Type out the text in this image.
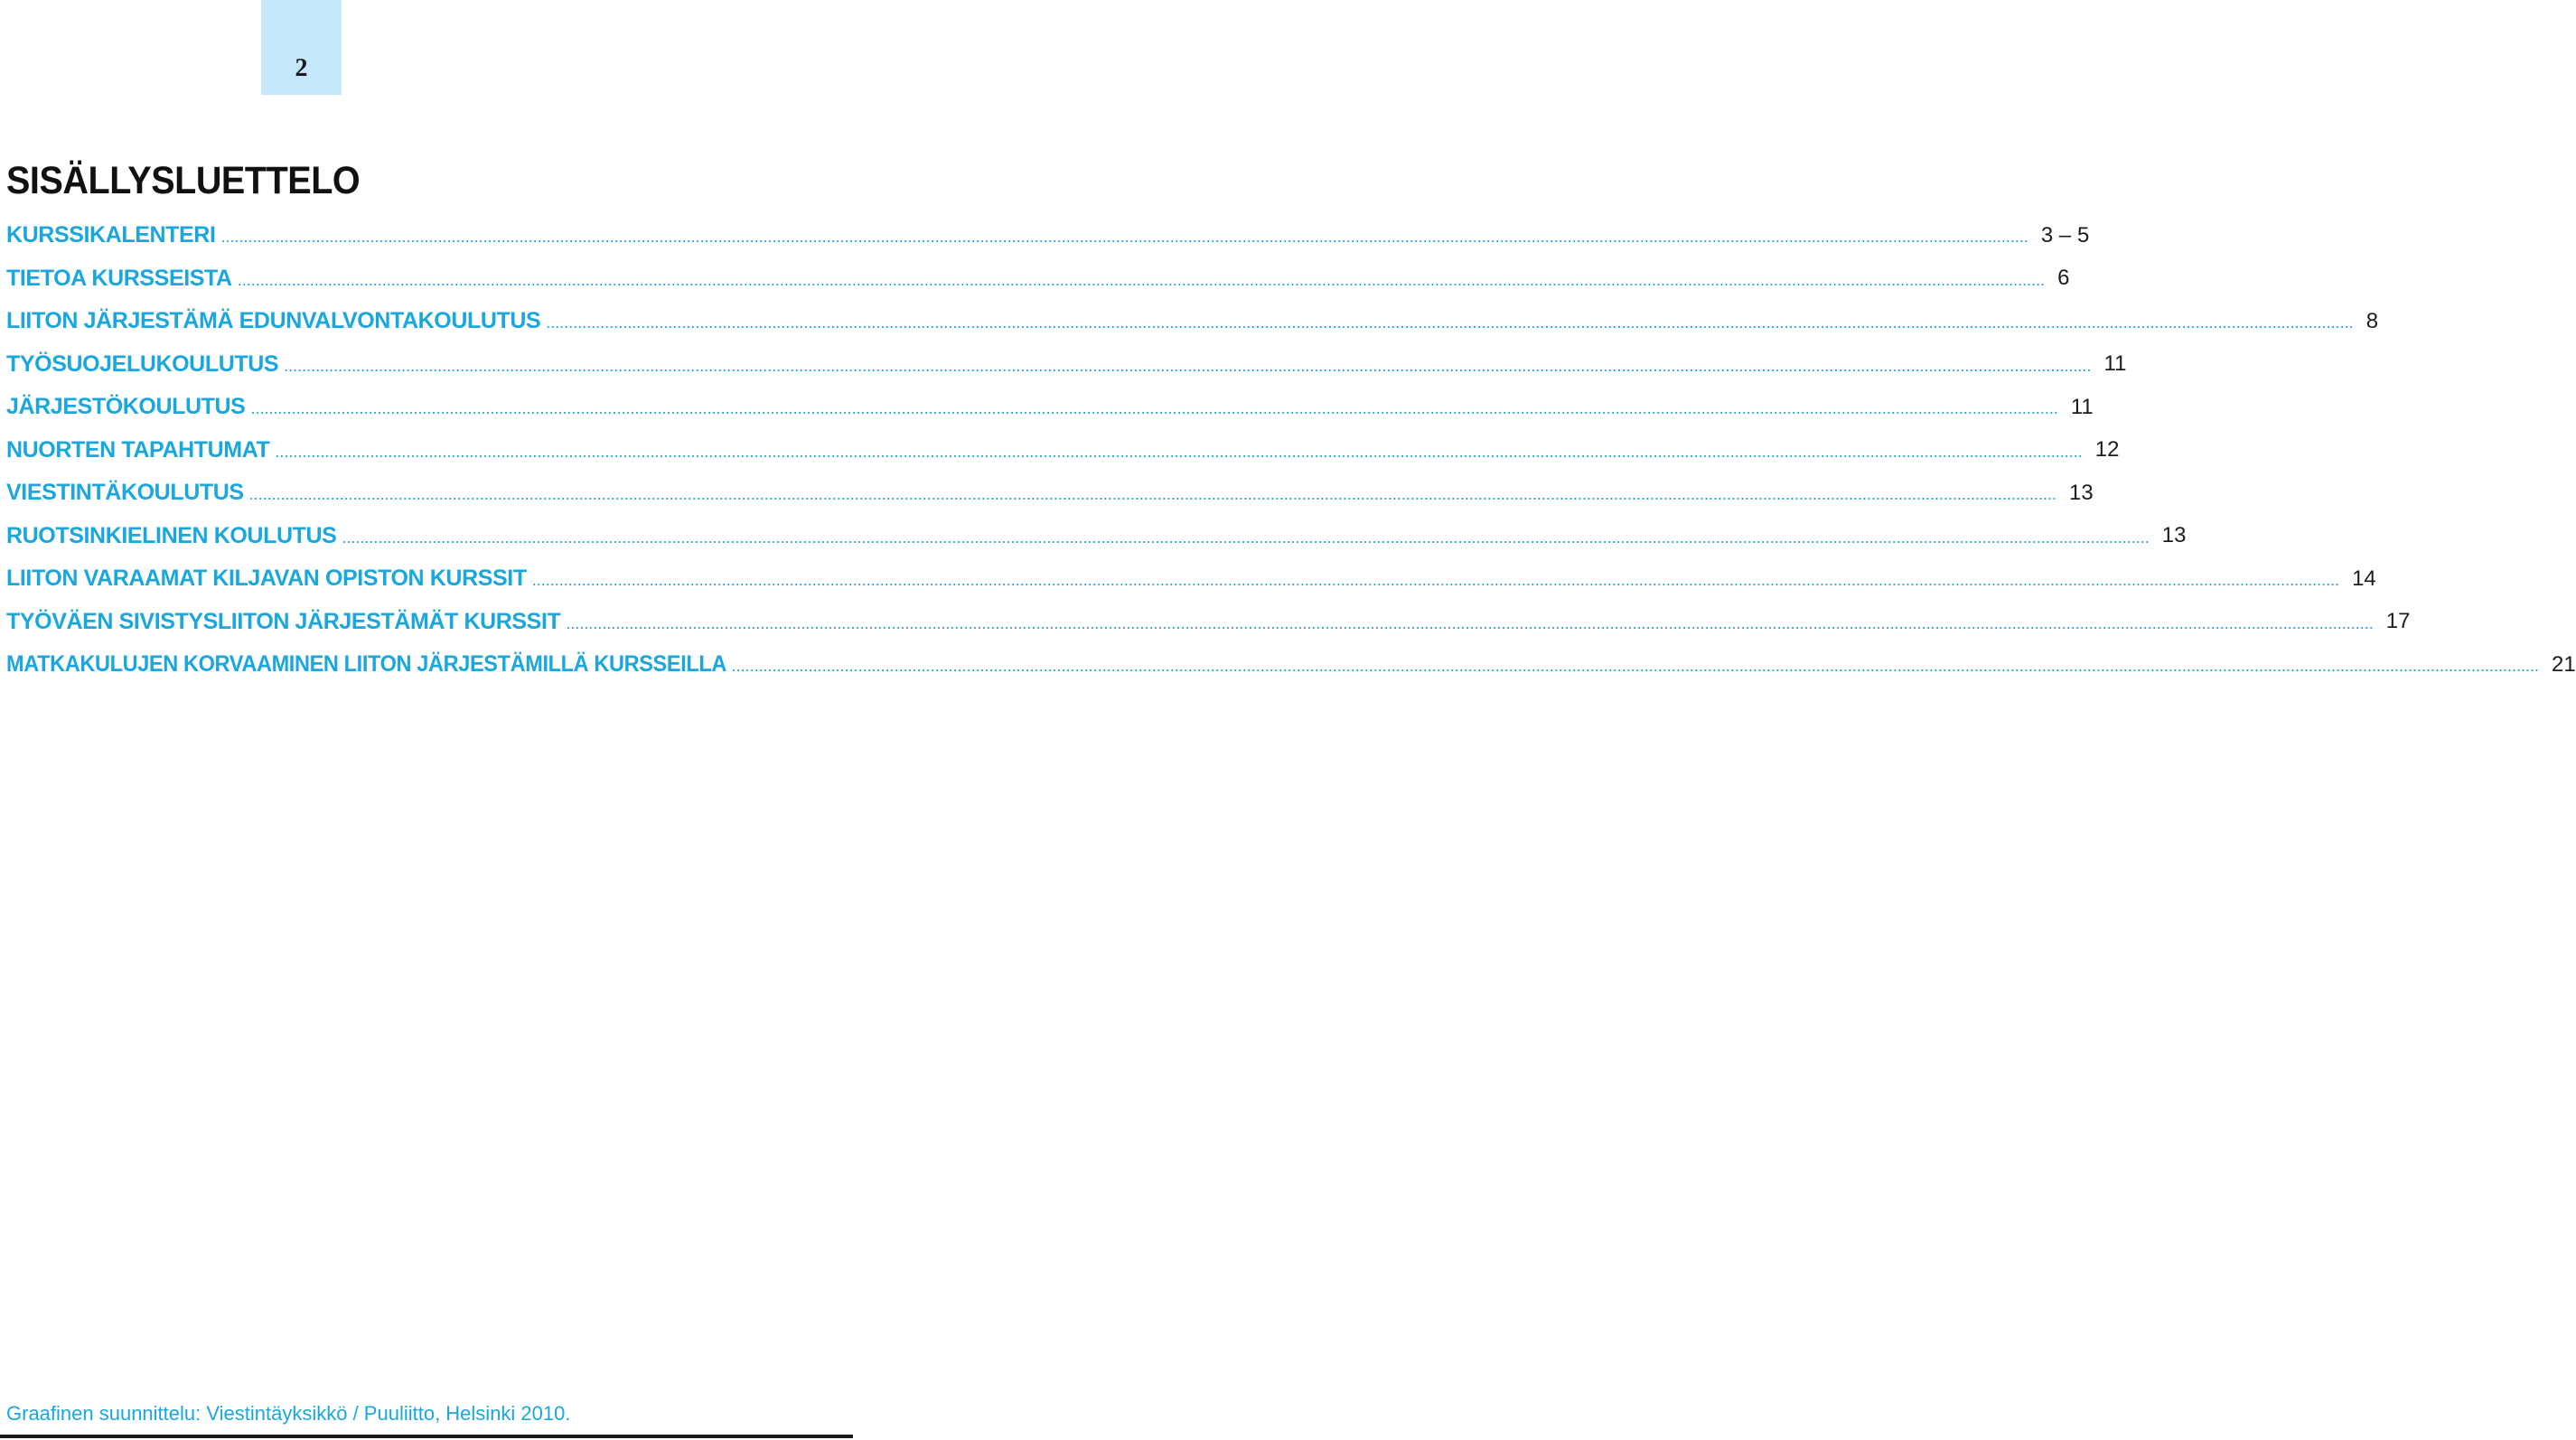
2
SISÄLLYSLUETTELO
KURSSIKALENTERI ................................................................................................................................................................................................................................................................................................................................................................................................................ 3 – 5
TIETOA KURSSEISTA ................................................................................................................................................................................................................................................................................................................................................................................................................ 6
LIITON JÄRJESTÄMÄ EDUNVALVONTAKOULUTUS ................................................................................................................................................................................................................................................................................................................................................................................................................ 8
TYÖSUOJELUKOULUTUS ................................................................................................................................................................................................................................................................................................................................................................................................................ 11
JÄRJESTÖKOULUTUS ................................................................................................................................................................................................................................................................................................................................................................................................................ 11
NUORTEN TAPAHTUMAT ................................................................................................................................................................................................................................................................................................................................................................................................................ 12
VIESTINTÄKOULUTUS ................................................................................................................................................................................................................................................................................................................................................................................................................ 13
RUOTSINKIELINEN KOULUTUS ................................................................................................................................................................................................................................................................................................................................................................................................................ 13
LIITON VARAAMAT KILJAVAN OPISTON KURSSIT ................................................................................................................................................................................................................................................................................................................................................................................................................ 14
TYÖVÄEN SIVISTYSLIITON JÄRJESTÄMÄT KURSSIT ................................................................................................................................................................................................................................................................................................................................................................................................................ 17
MATKAKULUJEN KORVAAMINEN LIITON JÄRJESTÄMILLÄ KURSSEILLA ................................................................................................................................................................................................................................................................................................................................................................................................................ 21

Graafinen suunnittelu: Viestintäyksikkö / Puuliitto, Helsinki 2010.
